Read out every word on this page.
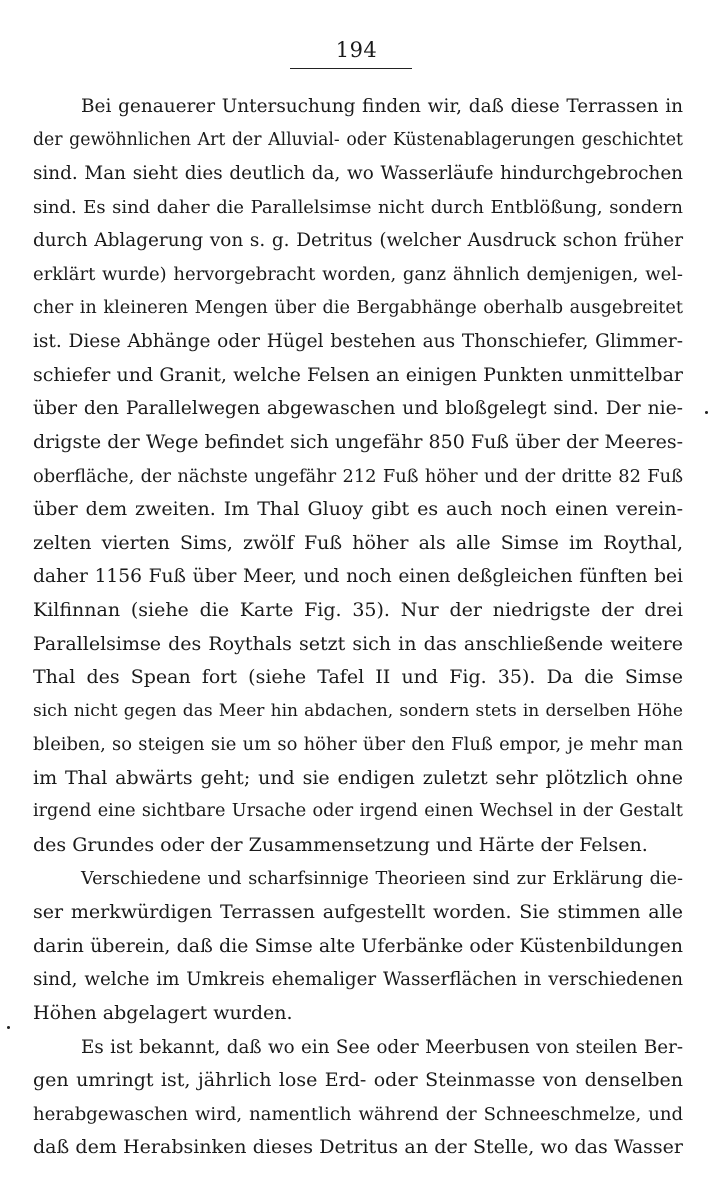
194
Bei genauerer Untersuchung finden wir, daß diese Terrassen in
der gewöhnlichen Art der Alluvial- oder Küstenablagerungen geschichtet
sind. Man sieht dies deutlich da, wo Wasserläufe hindurchgebrochen
sind. Es sind daher die Parallelsimse nicht durch Entblößung, sondern
durch Ablagerung von s. g. Detritus (welcher Ausdruck schon früher
erklärt wurde) hervorgebracht worden, ganz ähnlich demjenigen, wel-
cher in kleineren Mengen über die Bergabhänge oberhalb ausgebreitet
ist. Diese Abhänge oder Hügel bestehen aus Thonschiefer, Glimmer-
schiefer und Granit, welche Felsen an einigen Punkten unmittelbar
über den Parallelwegen abgewaschen und bloßgelegt sind. Der nie-
drigste der Wege befindet sich ungefähr 850 Fuß über der Meeres-
oberfläche, der nächste ungefähr 212 Fuß höher und der dritte 82 Fuß
über dem zweiten. Im Thal Gluoy gibt es auch noch einen verein-
zelten vierten Sims, zwölf Fuß höher als alle Simse im Roythal,
daher 1156 Fuß über Meer, und noch einen deßgleichen fünften bei
Kilfinnan (siehe die Karte Fig. 35). Nur der niedrigste der drei
Parallelsimse des Roythals setzt sich in das anschließende weitere
Thal des Spean fort (siehe Tafel II und Fig. 35). Da die Simse
sich nicht gegen das Meer hin abdachen, sondern stets in derselben Höhe
bleiben, so steigen sie um so höher über den Fluß empor, je mehr man
im Thal abwärts geht; und sie endigen zuletzt sehr plötzlich ohne
irgend eine sichtbare Ursache oder irgend einen Wechsel in der Gestalt
des Grundes oder der Zusammensetzung und Härte der Felsen.
Verschiedene und scharfsinnige Theorieen sind zur Erklärung die-
ser merkwürdigen Terrassen aufgestellt worden. Sie stimmen alle
darin überein, daß die Simse alte Uferbänke oder Küstenbildungen
sind, welche im Umkreis ehemaliger Wasserflächen in verschiedenen
Höhen abgelagert wurden.
Es ist bekannt, daß wo ein See oder Meerbusen von steilen Ber-
gen umringt ist, jährlich lose Erd- oder Steinmasse von denselben
herabgewaschen wird, namentlich während der Schneeschmelze, und
daß dem Herabsinken dieses Detritus an der Stelle, wo das Wasser
